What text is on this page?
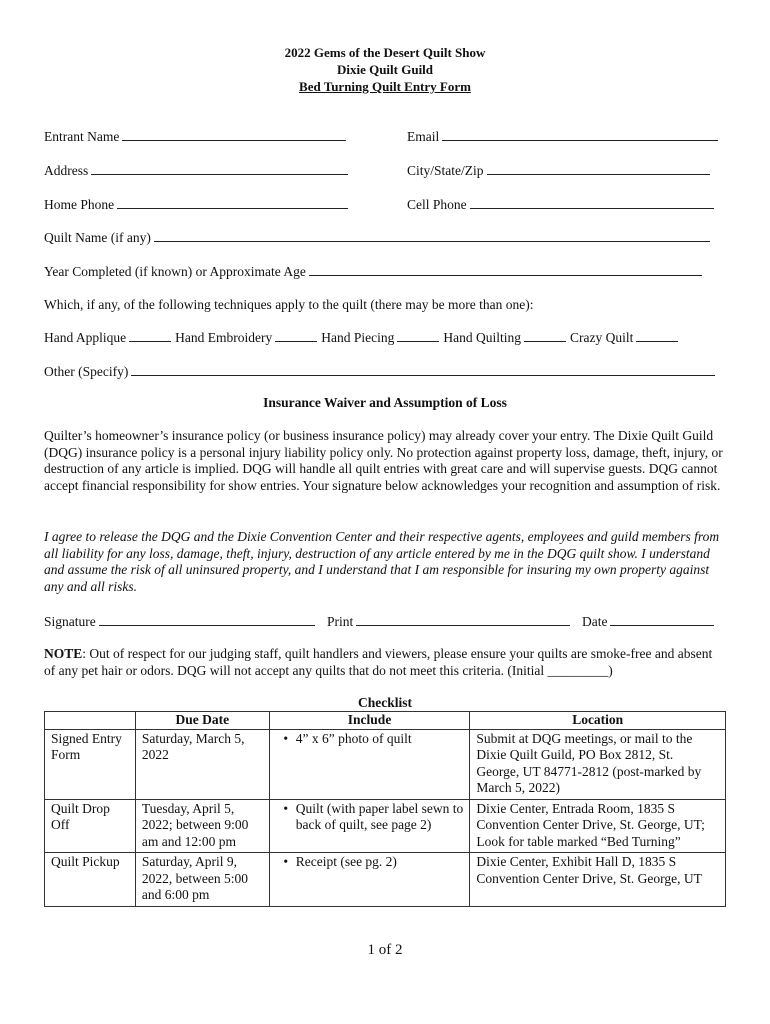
2022 Gems of the Desert Quilt Show
Dixie Quilt Guild
Bed Turning Quilt Entry Form
Entrant Name	Email
Address	City/State/Zip
Home Phone	Cell Phone
Quilt Name (if any)
Year Completed (if known) or Approximate Age
Which, if any, of the following techniques apply to the quilt (there may be more than one):
Hand Applique	Hand Embroidery	Hand Piecing	Hand Quilting	Crazy Quilt
Other (Specify)
Insurance Waiver and Assumption of Loss
Quilter’s homeowner’s insurance policy (or business insurance policy) may already cover your entry. The Dixie Quilt Guild (DQG) insurance policy is a personal injury liability policy only. No protection against property loss, damage, theft, injury, or destruction of any article is implied. DQG will handle all quilt entries with great care and will supervise guests. DQG cannot accept financial responsibility for show entries. Your signature below acknowledges your recognition and assumption of risk.
I agree to release the DQG and the Dixie Convention Center and their respective agents, employees and guild members from all liability for any loss, damage, theft, injury, destruction of any article entered by me in the DQG quilt show. I understand and assume the risk of all uninsured property, and I understand that I am responsible for insuring my own property against any and all risks.
Signature	Print	Date
NOTE: Out of respect for our judging staff, quilt handlers and viewers, please ensure your quilts are smoke-free and absent of any pet hair or odors. DQG will not accept any quilts that do not meet this criteria. (Initial _________)
Checklist
	Due Date	Include	Location
Signed Entry Form	Saturday, March 5, 2022	• 4” x 6” photo of quilt	Submit at DQG meetings, or mail to the Dixie Quilt Guild, PO Box 2812, St. George, UT 84771-2812 (post-marked by March 5, 2022)
Quilt Drop Off	Tuesday, April 5, 2022; between 9:00 am and 12:00 pm	• Quilt (with paper label sewn to back of quilt, see page 2)	Dixie Center, Entrada Room, 1835 S Convention Center Drive, St. George, UT; Look for table marked “Bed Turning”
Quilt Pickup	Saturday, April 9, 2022, between 5:00 and 6:00 pm	• Receipt (see pg. 2)	Dixie Center, Exhibit Hall D, 1835 S Convention Center Drive, St. George, UT
1 of 2
